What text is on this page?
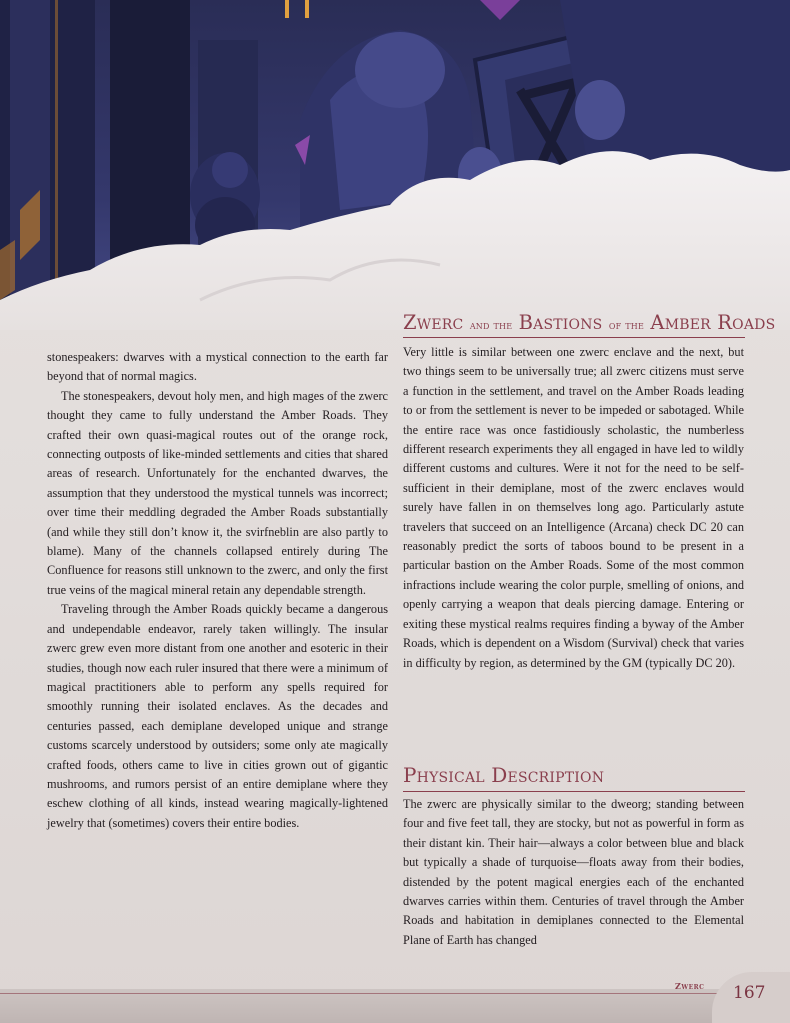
stonespeakers: dwarves with a mystical connection to the earth far beyond that of normal magics.

The stonespeakers, devout holy men, and high mages of the zwerc thought they came to fully understand the Amber Roads. They crafted their own quasi-magical routes out of the orange rock, connecting outposts of like-minded settlements and cities that shared areas of research. Unfortunately for the enchanted dwarves, the assumption that they understood the mystical tunnels was incorrect; over time their meddling degraded the Amber Roads substantially (and while they still don’t know it, the svirfneblin are also partly to blame). Many of the channels collapsed entirely during The Confluence for reasons still unknown to the zwerc, and only the first true veins of the magical mineral retain any dependable strength.

Traveling through the Amber Roads quickly became a dangerous and undependable endeavor, rarely taken willingly. The insular zwerc grew even more distant from one another and esoteric in their studies, though now each ruler insured that there were a minimum of magical practitioners able to perform any spells required for smoothly running their isolated enclaves. As the decades and centuries passed, each demiplane developed unique and strange customs scarcely understood by outsiders; some only ate magically crafted foods, others came to live in cities grown out of gigantic mushrooms, and rumors persist of an entire demiplane where they eschew clothing of all kinds, instead wearing magically-lightened jewelry that (sometimes) covers their entire bodies.

Zwerc and the Bastions of the Amber Roads

Very little is similar between one zwerc enclave and the next, but two things seem to be universally true; all zwerc citizens must serve a function in the settlement, and travel on the Amber Roads leading to or from the settlement is never to be impeded or sabotaged. While the entire race was once fastidiously scholastic, the numberless different research experiments they all engaged in have led to wildly different customs and cultures. Were it not for the need to be self-sufficient in their demiplane, most of the zwerc enclaves would surely have fallen in on themselves long ago. Particularly astute travelers that succeed on an Intelligence (Arcana) check DC 20 can reasonably predict the sorts of taboos bound to be present in a particular bastion on the Amber Roads. Some of the most common infractions include wearing the color purple, smelling of onions, and openly carrying a weapon that deals piercing damage. Entering or exiting these mystical realms requires finding a byway of the Amber Roads, which is dependent on a Wisdom (Survival) check that varies in difficulty by region, as determined by the GM (typically DC 20).

Physical Description

The zwerc are physically similar to the dweorg; standing between four and five feet tall, they are stocky, but not as powerful in form as their distant kin. Their hair—always a color between blue and black but typically a shade of turquoise—floats away from their bodies, distended by the potent magical energies each of the enchanted dwarves carries within them. Centuries of travel through the Amber Roads and habitation in demiplanes connected to the Elemental Plane of Earth has changed

Zwerc 167
